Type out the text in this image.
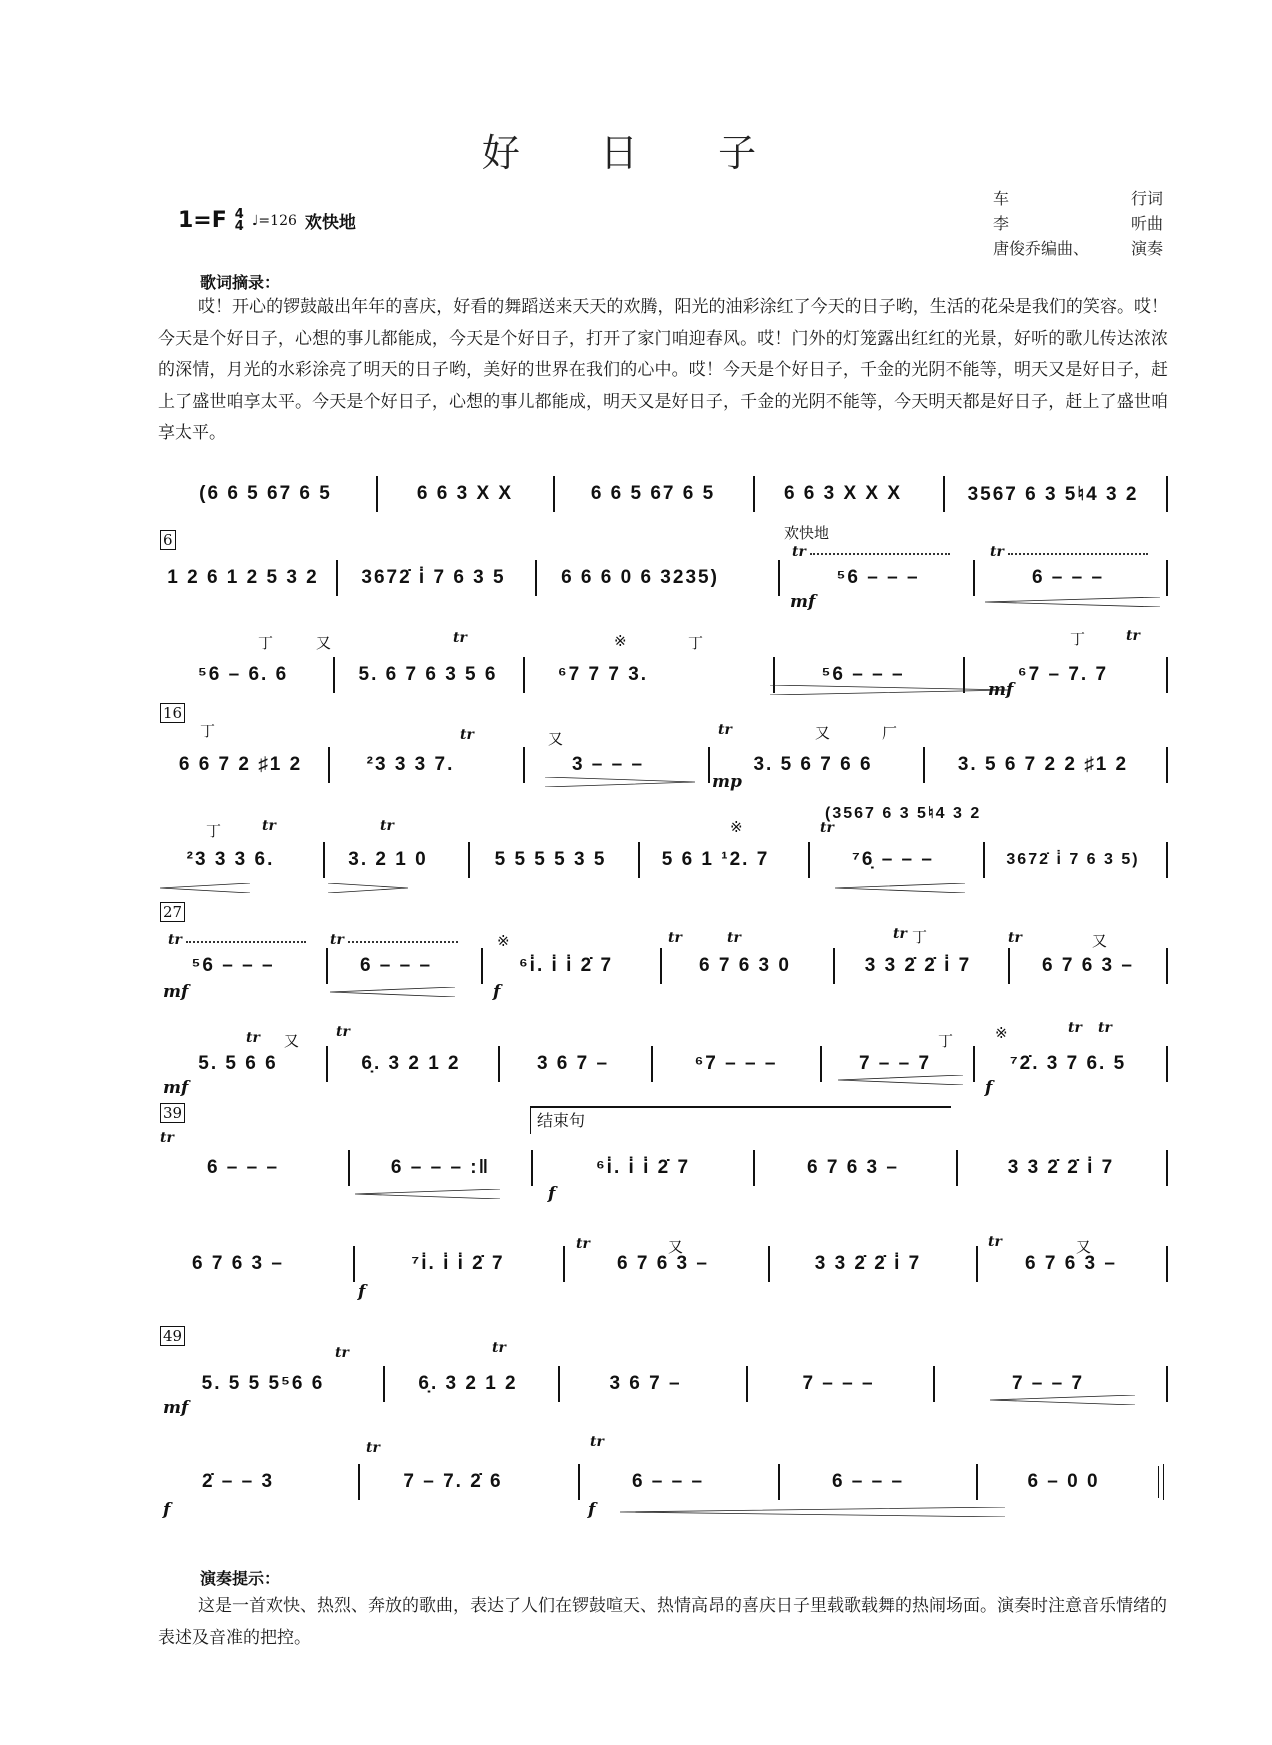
好 日 子
1=F 4
4 ♩=126 欢快地
车	行词
李	听曲
唐俊乔编曲、	演奏
歌词摘录：
哎！开心的锣鼓敲出年年的喜庆，好看的舞蹈送来天天的欢腾，阳光的油彩涂红了今天的日子哟，生活的花朵是我们的笑容。哎！今天是个好日子，心想的事儿都能成，今天是个好日子，打开了家门咱迎春风。哎！门外的灯笼露出红红的光景，好听的歌儿传达浓浓的深情，月光的水彩涂亮了明天的日子哟，美好的世界在我们的心中。哎！今天是个好日子，千金的光阴不能等，明天又是好日子，赶上了盛世咱享太平。今天是个好日子，心想的事儿都能成，明天又是好日子，千金的光阴不能等，今天明天都是好日子，赶上了盛世咱享太平。
(6 6 5 67 6 5	6 6 3 X X	6 6 5 67 6 5	6 6 3 X X X	3567 6 3 5♮4 3 2
6	欢快地
tr	tr
1 2 6 1 2 5 3 2	3672̇ i̇ 7 6 3 5	6 6 6 0 6 3235)	⁵6 – – –	6 – – –
mf
丁	又	tr	※	丁	丁	tr
⁵6 – 6. 6	5. 6 7 6 3 5 6	⁶7 7 7 3.	⁵6 – – –	⁶7 – 7. 7
mf
16
丁	tr	又	tr	又	厂
6 6 7 2 ♯1 2	²3 3 3 7.	3 – – –	3. 5 6 7 6 6	3. 5 6 7 2 2 ♯1 2
mp
(3567 6 3 5♮4 3 2
丁	tr	tr	※	tr
²3 3 3 6.	3. 2 1 0	5 5 5 5 3 5	5 6 1 ¹2. 7	⁷6̣ – – –	3672̇ i̇ 7 6 3 5)
27
tr	tr	※	tr	tr	tr 丁	tr	又
⁵6 – – –	6 – – –	⁶i̇. i̇ i̇ 2̇ 7	6 7 6 3 0	3 3 2̇ 2̇ i̇ 7	6 7 6 3 –
mf	f
tr 又	tr	丁	※	tr tr
5. 5 6 6	6̣. 3 2 1 2	3 6 7 –	⁶7 – – –	7 – – 7	⁷2̇. 3 7 6. 5
mf	f
39	结束句
tr
6 – – –	6 – – – :‖	⁶i̇. i̇ i̇ 2̇ 7	6 7 6 3 –	3 3 2̇ 2̇ i̇ 7
f
tr	又	tr	又
6 7 6 3 –	⁷i̇. i̇ i̇ 2̇ 7	6 7 6 3 –	3 3 2̇ 2̇ i̇ 7	6 7 6 3 –
f
49
tr	tr
5. 5 5 5⁵6 6	6̣. 3 2 1 2	3 6 7 –	7 – – –	7 – – 7
mf
tr	tr
2̇ – – 3	7 – 7. 2̇ 6	6 – – –	6 – – –	6 – 0 0
f	f
演奏提示：
这是一首欢快、热烈、奔放的歌曲，表达了人们在锣鼓喧天、热情高昂的喜庆日子里载歌载舞的热闹场面。演奏时注意音乐情绪的表述及音准的把控。
